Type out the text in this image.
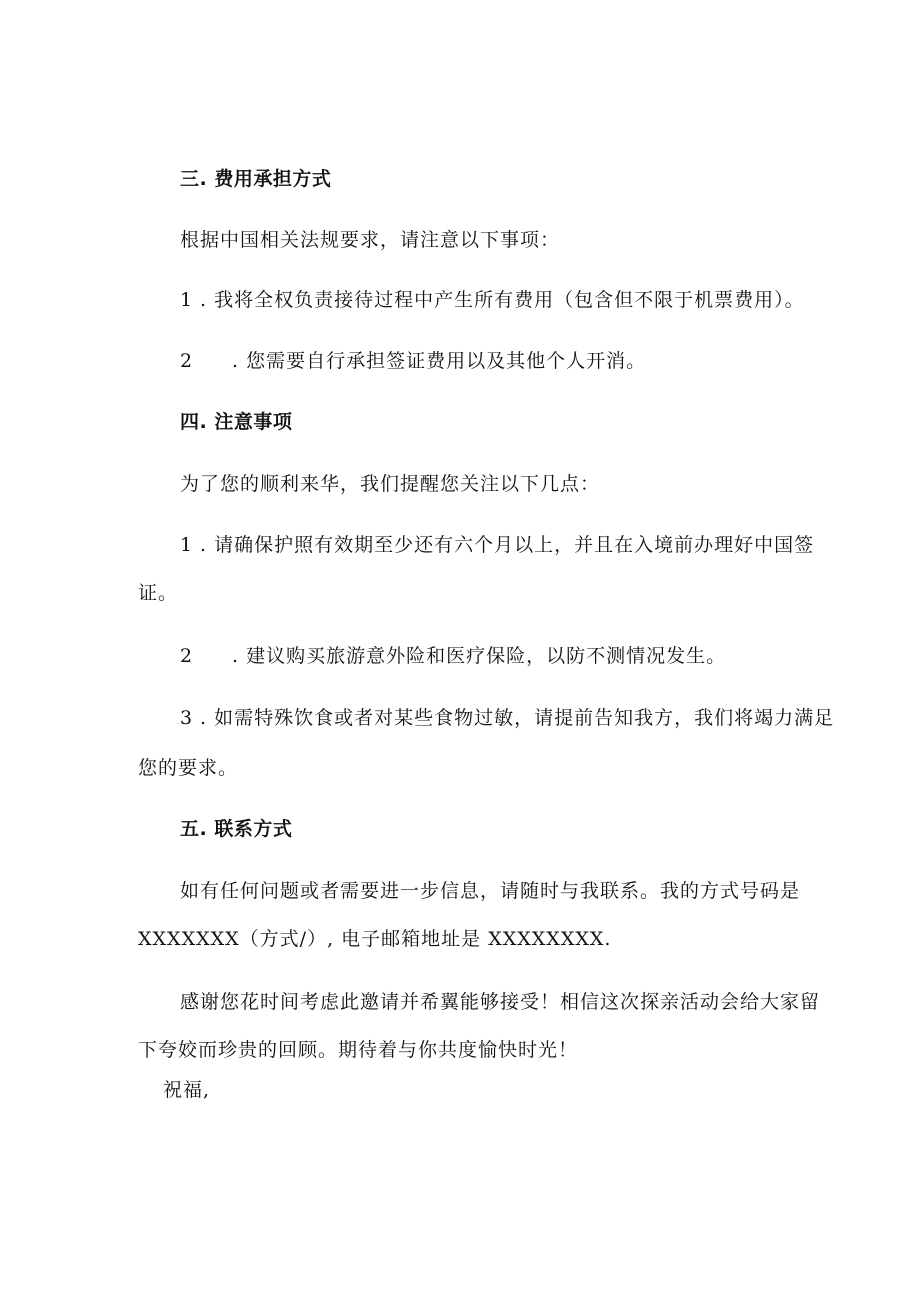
三. 费用承担方式
根据中国相关法规要求，请注意以下事项：
1 . 我将全权负责接待过程中产生所有费用（包含但不限于机票费用）。
2 . 您需要自行承担签证费用以及其他个人开消。
四. 注意事项
为了您的顺利来华，我们提醒您关注以下几点：
1 . 请确保护照有效期至少还有六个月以上，并且在入境前办理好中国签
证。
2 . 建议购买旅游意外险和医疗保险，以防不测情况发生。
3 . 如需特殊饮食或者对某些食物过敏，请提前告知我方，我们将竭力满足
您的要求。
五. 联系方式
如有任何问题或者需要进一步信息，请随时与我联系。我的方式号码是
XXXXXXX（方式/）, 电子邮箱地址是 XXXXXXXX.
感谢您花时间考虑此邀请并希翼能够接受！相信这次探亲活动会给大家留
下夸姣而珍贵的回顾。期待着与你共度愉快时光！
祝福,
